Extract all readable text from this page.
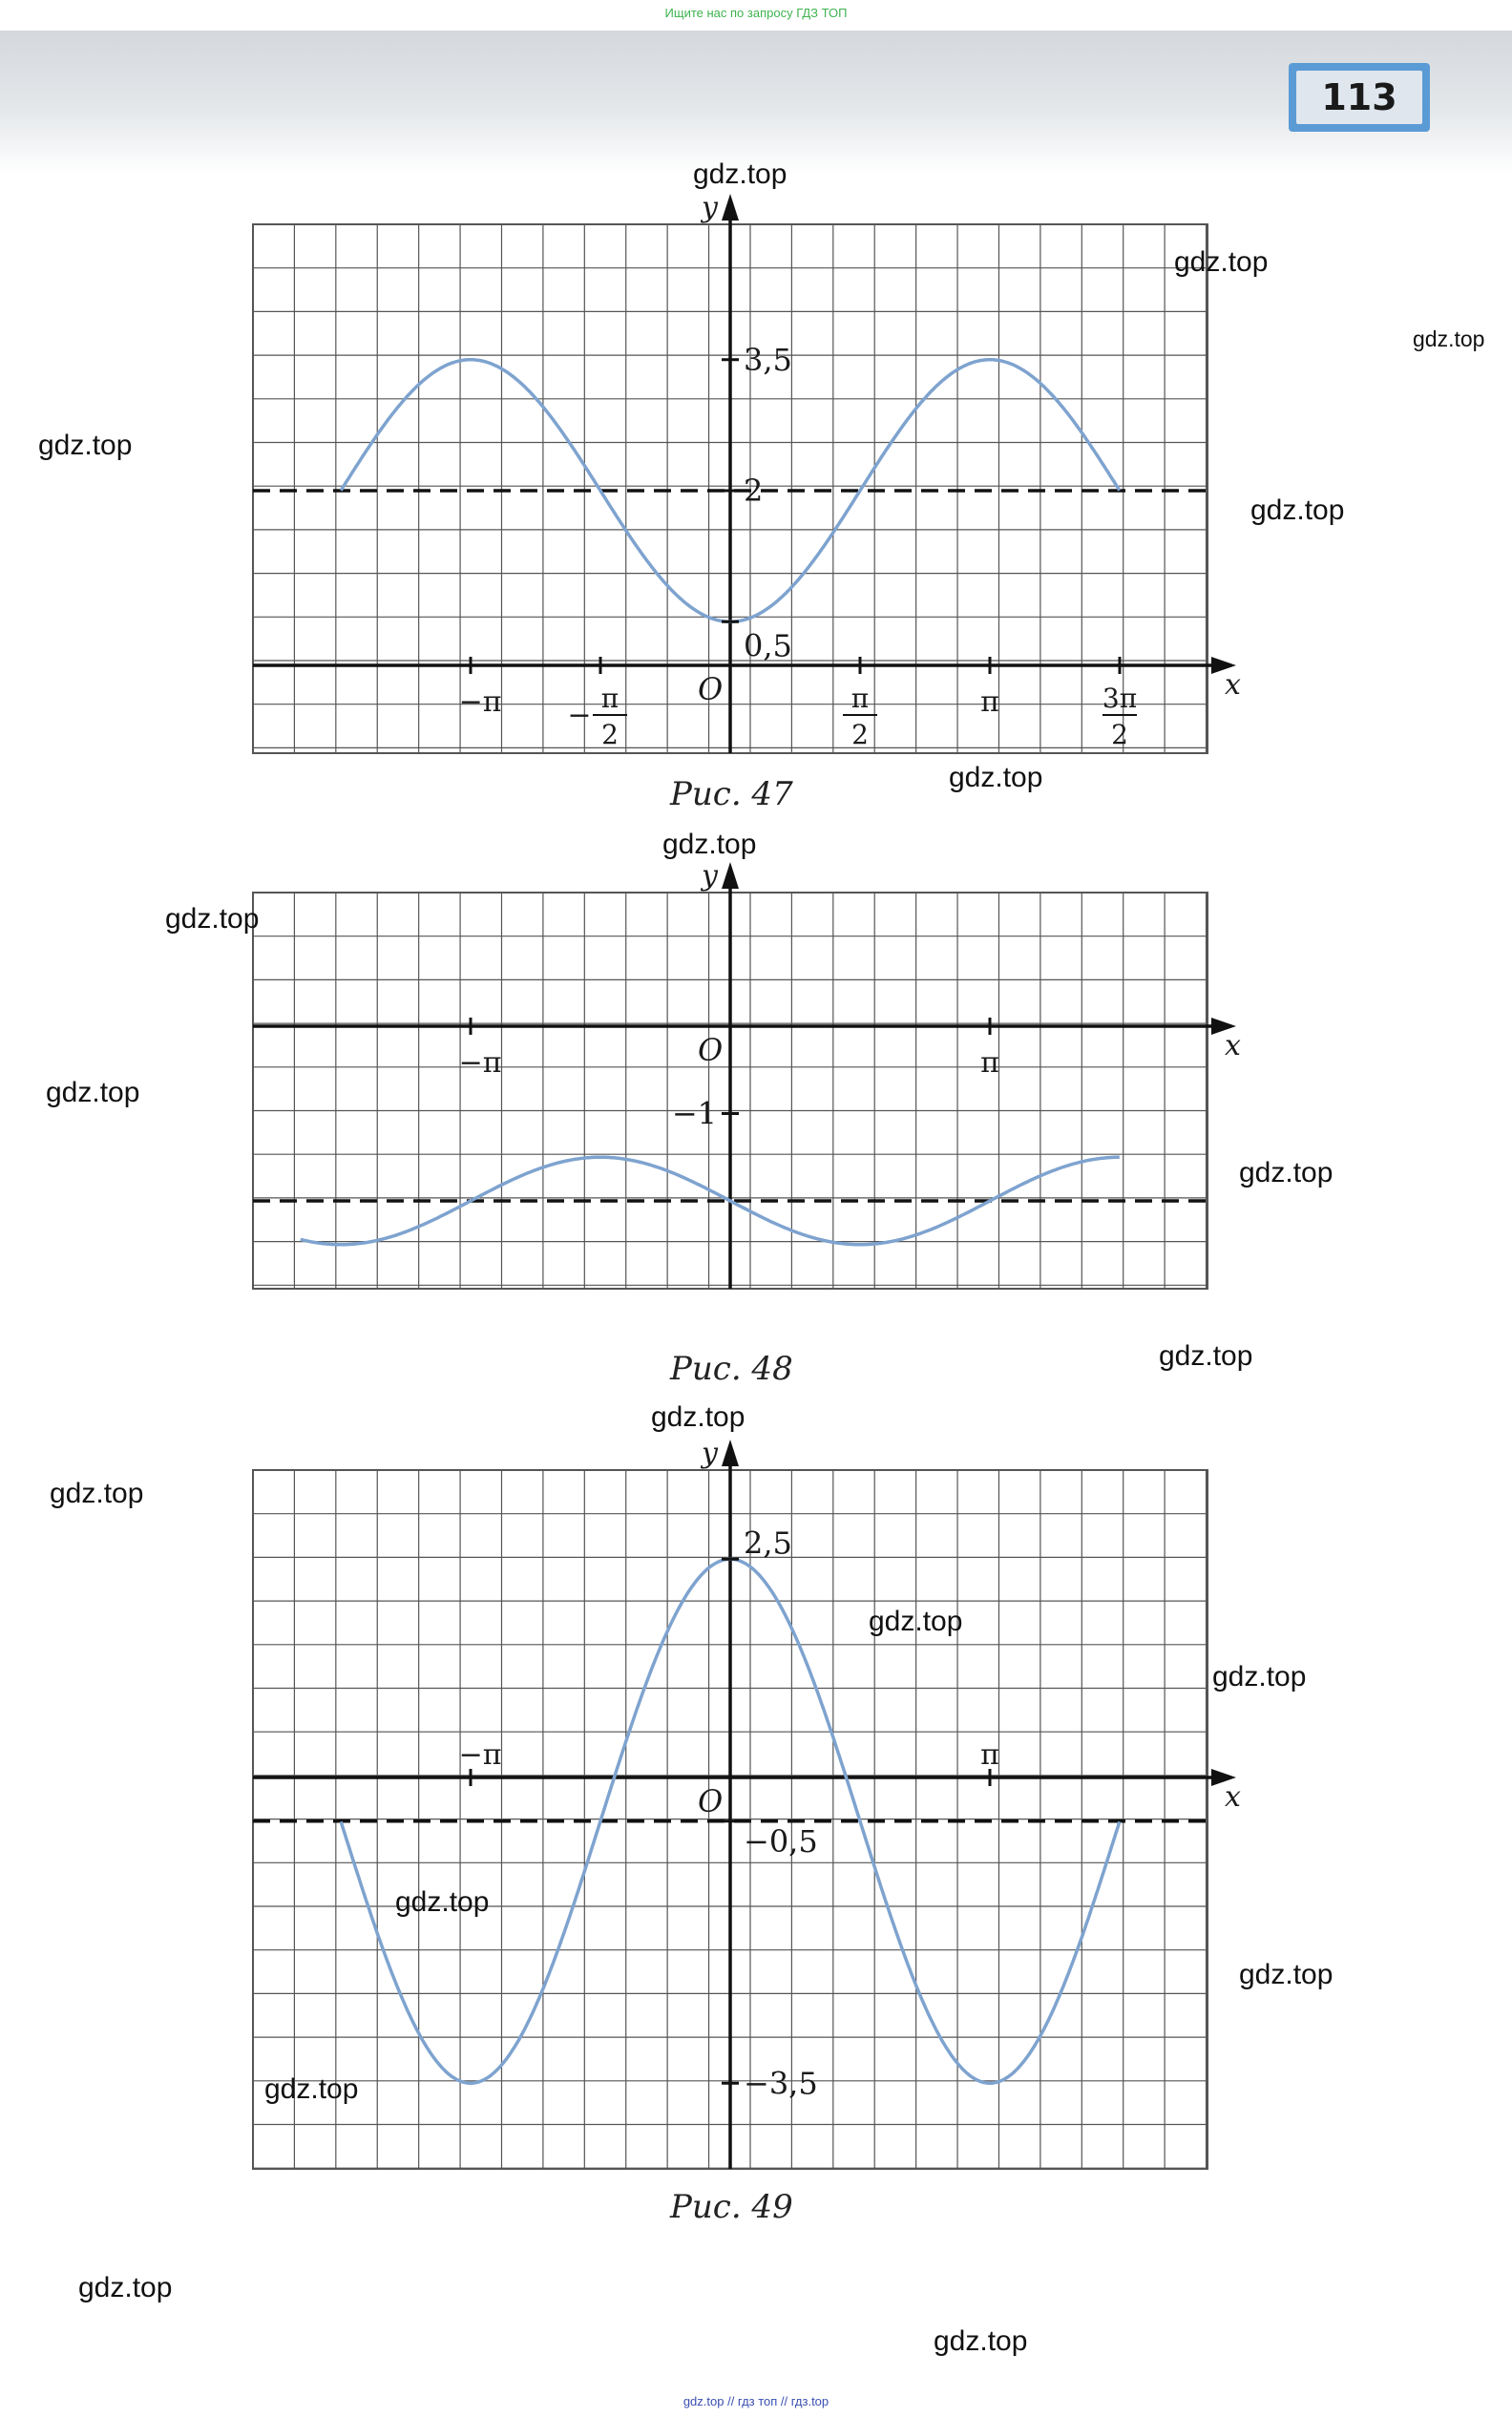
Ищите нас по запросу ГДЗ ТОП
113
x
y
O
−π −
π
2
π
2
π	3π
2
3,5
2
0,5
Рис. 47
x
y
O
−π	π
−1
Рис. 48
x
y
O
−π	π
2,5
−0,5
−3,5
Рис. 49
gdz.top
gdz.top
gdz.top
gdz.top
gdz.top
gdz.top
gdz.top
gdz.top
gdz.top
gdz.top
gdz.top
gdz.top
gdz.top
gdz.top
gdz.top
gdz.top
gdz.top
gdz.top
gdz.top
gdz.top
gdz.top // гдз топ // гдз.top
